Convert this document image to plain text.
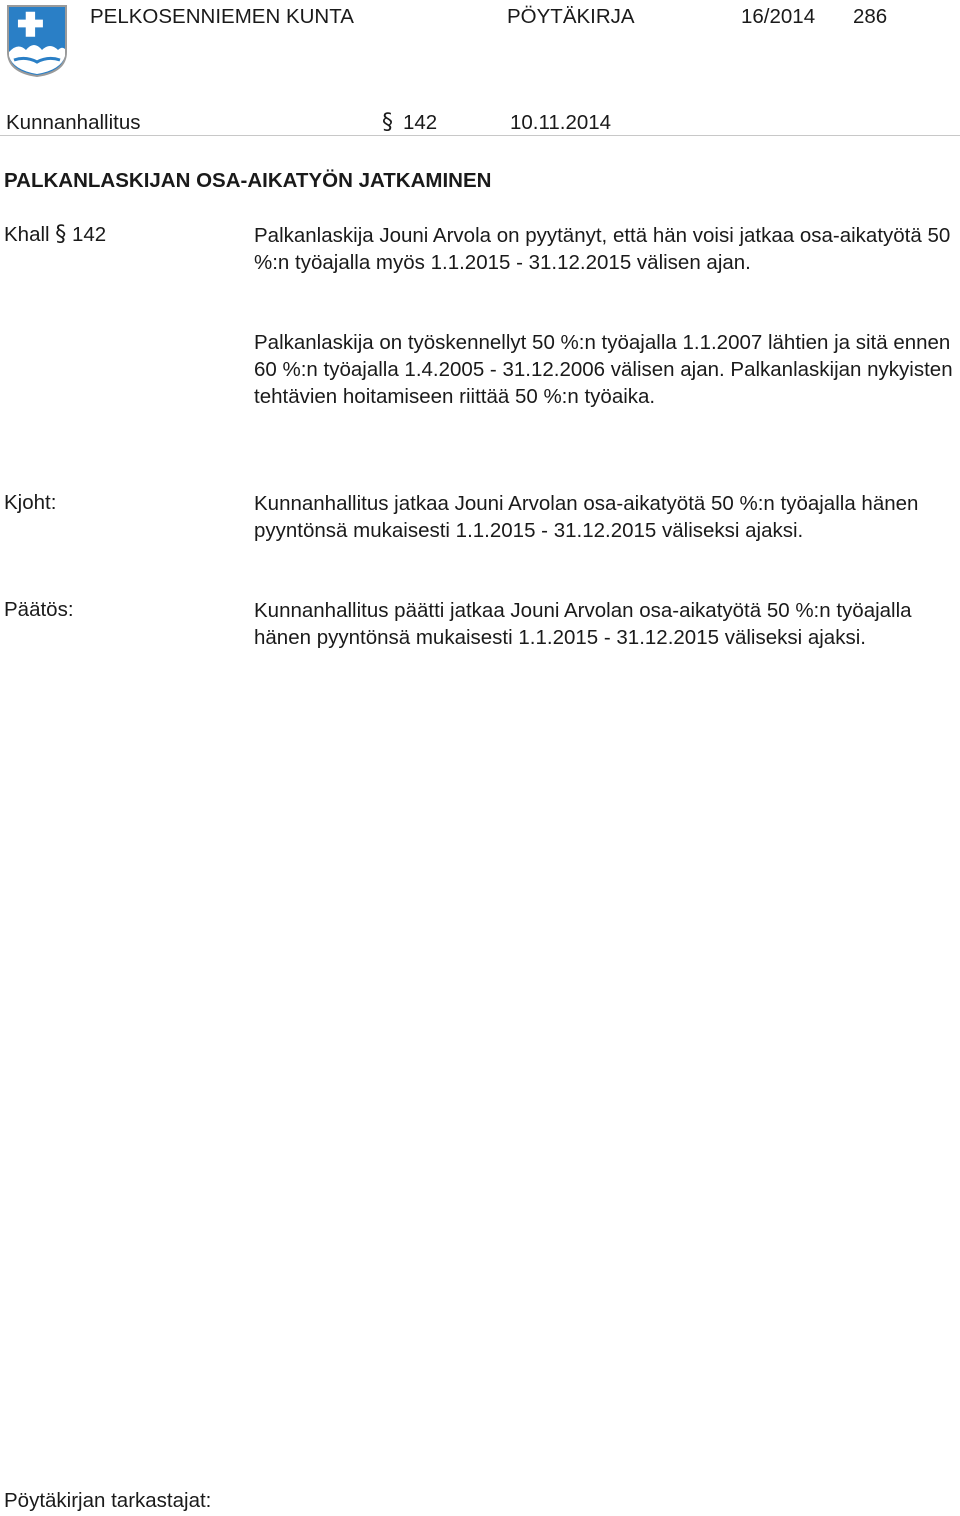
PELKOSENNIEMEN KUNTA	PÖYTÄKIRJA	16/2014 286
Kunnanhallitus	§ 142	10.11.2014
PALKANLASKIJAN OSA-AIKATYÖN JATKAMINEN
Khall § 142	Palkanlaskija Jouni Arvola on pyytänyt, että hän voisi jatkaa osa-aikatyötä 50 %:n työajalla myös 1.1.2015 - 31.12.2015 välisen ajan.
Palkanlaskija on työskennellyt 50 %:n työajalla 1.1.2007 lähtien ja sitä ennen 60 %:n työajalla 1.4.2005 - 31.12.2006 välisen ajan. Palkanlaskijan nykyisten tehtävien hoitamiseen riittää 50 %:n työaika.
Kjoht:	Kunnanhallitus jatkaa Jouni Arvolan osa-aikatyötä 50 %:n työajalla hänen pyyntönsä mukaisesti 1.1.2015 - 31.12.2015 väliseksi ajaksi.
Päätös:	Kunnanhallitus päätti jatkaa Jouni Arvolan osa-aikatyötä 50 %:n työajalla hänen pyyntönsä mukaisesti 1.1.2015 - 31.12.2015 väliseksi ajaksi.
Pöytäkirjan tarkastajat:
